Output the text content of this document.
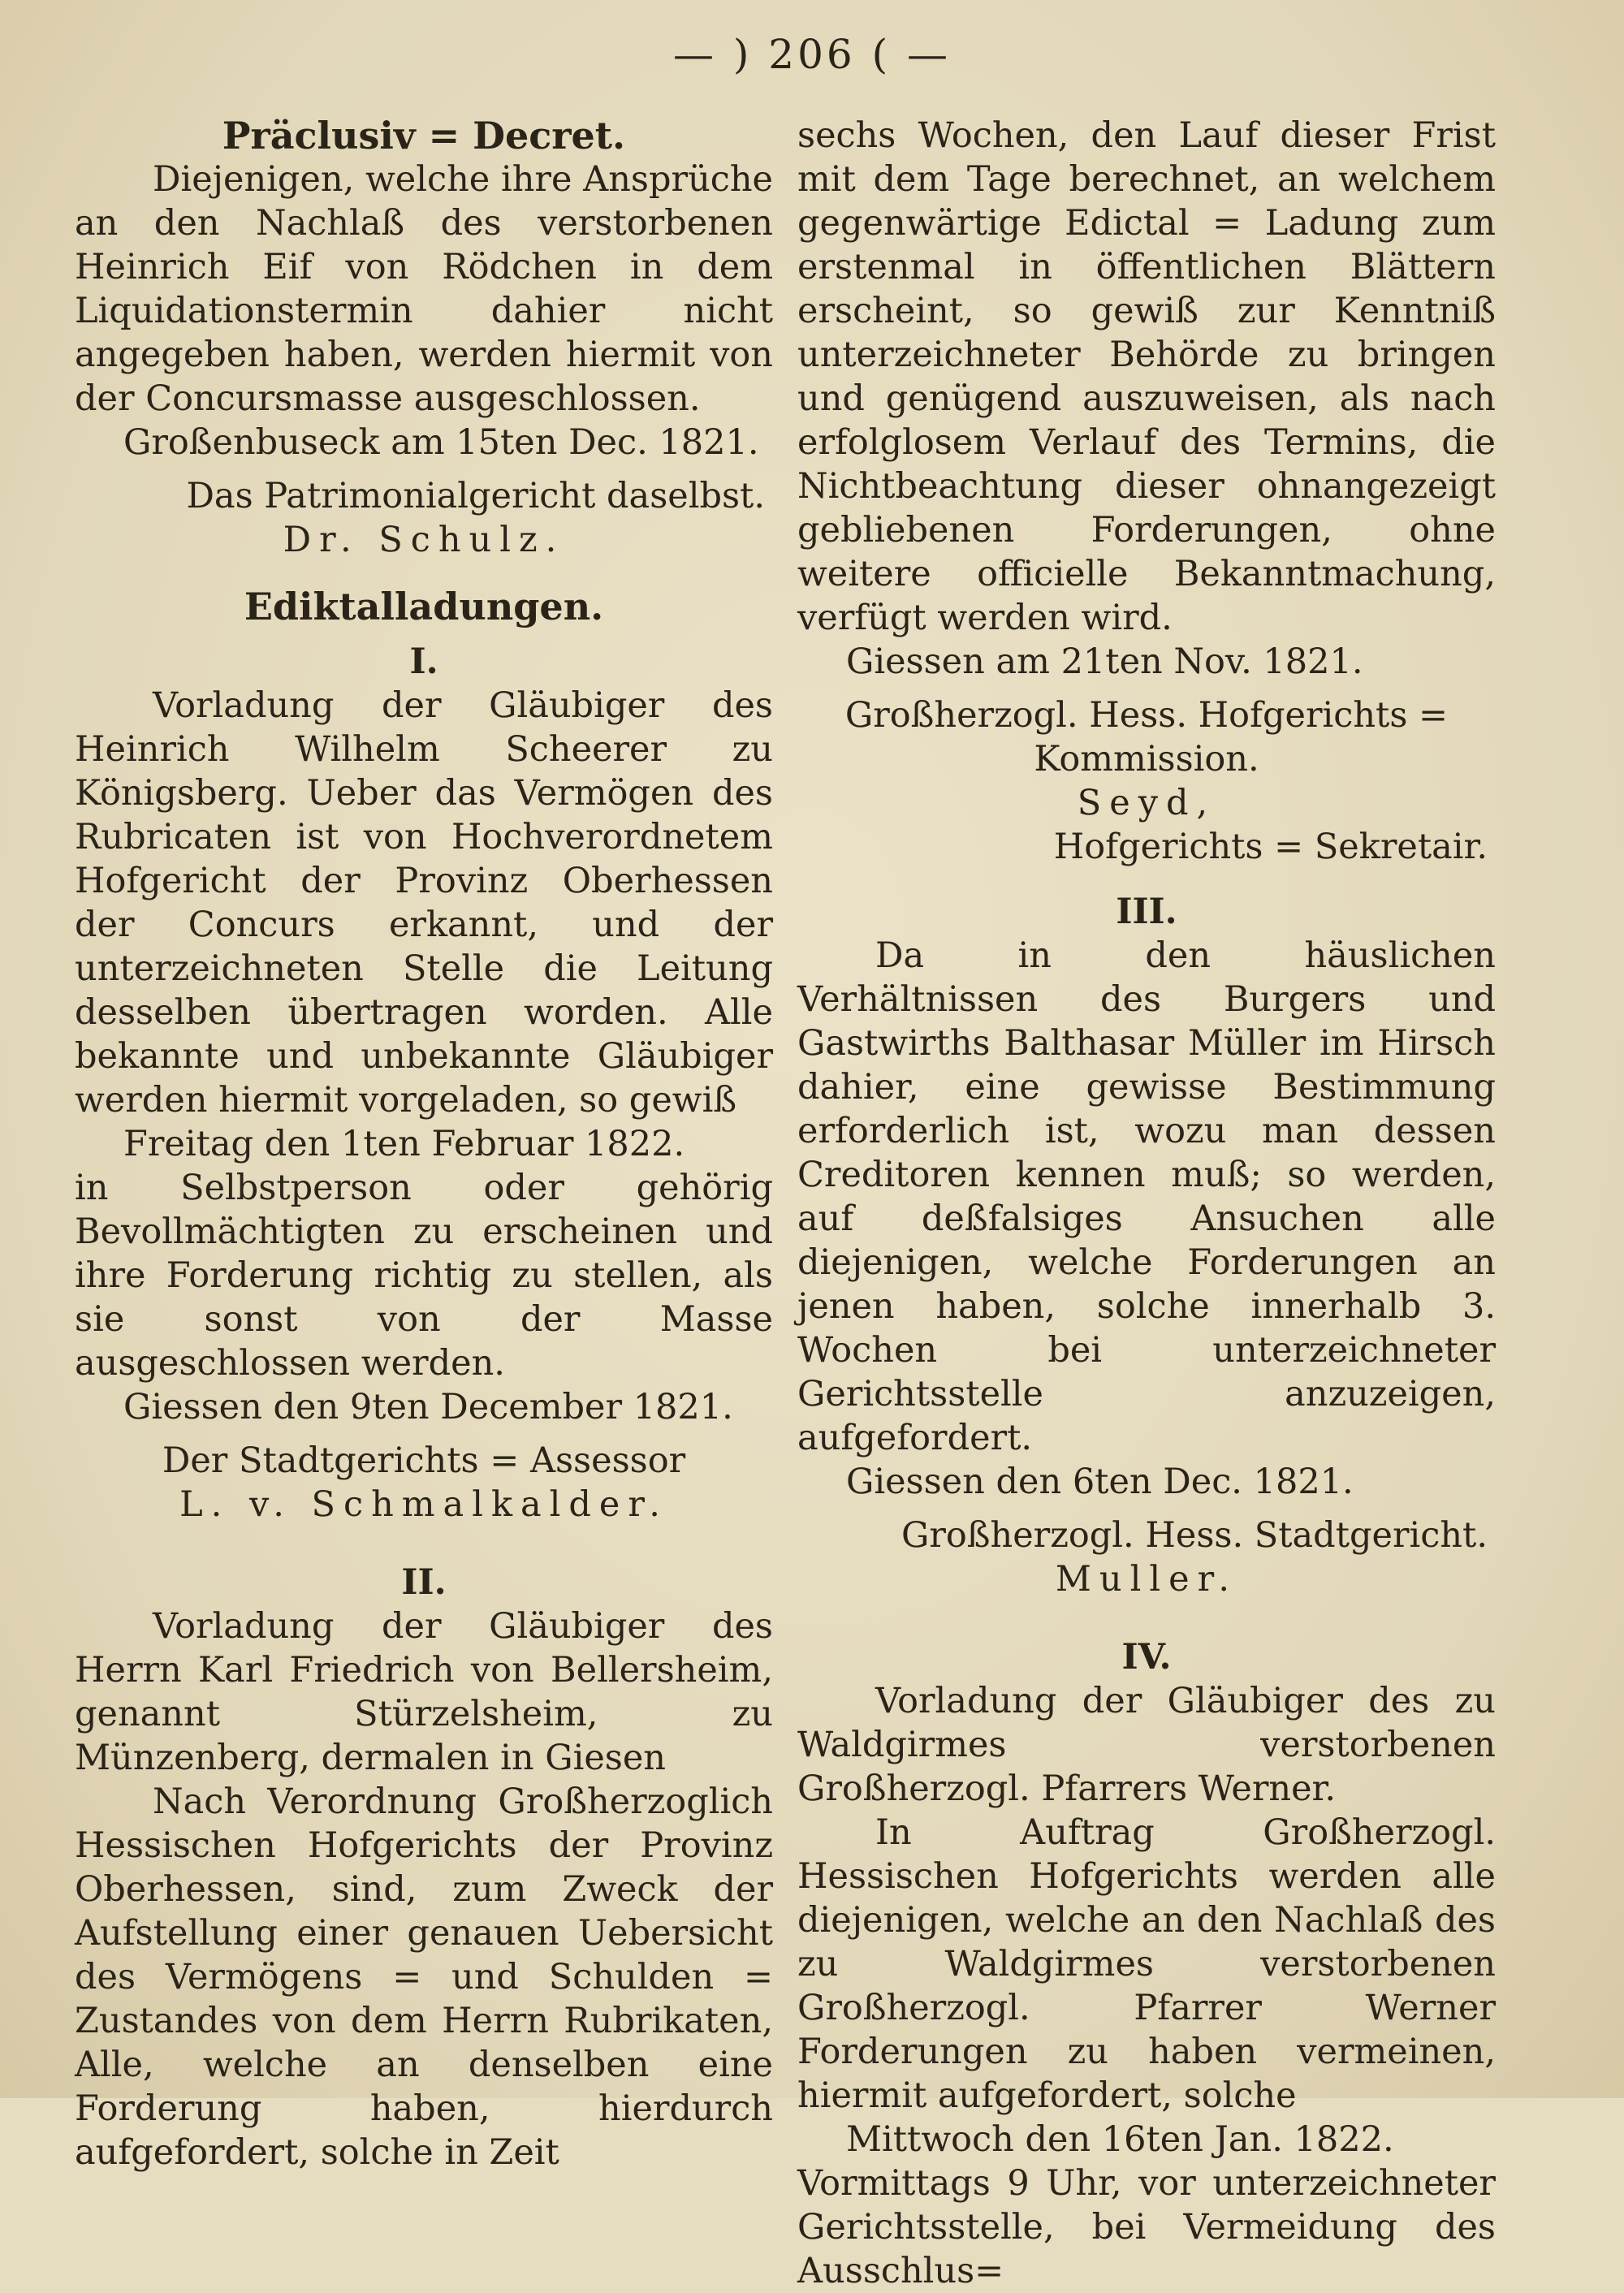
— ) 206 ( —

Präclusiv = Decret.

Diejenigen, welche ihre Ansprüche an den Nachlaß des verstorbenen Heinrich Eif von Rödchen in dem Liquidationstermin dahier nicht angegeben haben, werden hiermit von der Concursmasse ausgeschlossen.

Großenbuseck am 15ten Dec. 1821.

Das Patrimonialgericht daselbst.

Dr. Schulz.

Ediktalladungen.

I.

Vorladung der Gläubiger des Heinrich Wilhelm Scheerer zu Königsberg. Ueber das Vermögen des Rubricaten ist von Hochverordnetem Hofgericht der Provinz Oberhessen der Concurs erkannt, und der unterzeichneten Stelle die Leitung desselben übertragen worden. Alle bekannte und unbekannte Gläubiger werden hiermit vorgeladen, so gewiß

Freitag den 1ten Februar 1822.

in Selbstperson oder gehörig Bevollmächtigten zu erscheinen und ihre Forderung richtig zu stellen, als sie sonst von der Masse ausgeschlossen werden.

Giessen den 9ten December 1821.

Der Stadtgerichts = Assessor

L. v. Schmalkalder.

II.

Vorladung der Gläubiger des Herrn Karl Friedrich von Bellersheim, genannt Stürzelsheim, zu Münzenberg, dermalen in Giesen

Nach Verordnung Großherzoglich Hessischen Hofgerichts der Provinz Oberhessen, sind, zum Zweck der Aufstellung einer genauen Uebersicht des Vermögens = und Schulden = Zustandes von dem Herrn Rubrikaten, Alle, welche an denselben eine Forderung haben, hierdurch aufgefordert, solche in Zeit

sechs Wochen, den Lauf dieser Frist mit dem Tage berechnet, an welchem gegenwärtige Edictal = Ladung zum erstenmal in öffentlichen Blättern erscheint, so gewiß zur Kenntniß unterzeichneter Behörde zu bringen und genügend auszuweisen, als nach erfolglosem Verlauf des Termins, die Nichtbeachtung dieser ohnangezeigt gebliebenen Forderungen, ohne weitere officielle Bekanntmachung, verfügt werden wird.

Giessen am 21ten Nov. 1821.

Großherzogl. Hess. Hofgerichts = Kommission.

Seyd,

Hofgerichts = Sekretair.

III.

Da in den häuslichen Verhältnissen des Burgers und Gastwirths Balthasar Müller im Hirsch dahier, eine gewisse Bestimmung erforderlich ist, wozu man dessen Creditoren kennen muß; so werden, auf deßfalsiges Ansuchen alle diejenigen, welche Forderungen an jenen haben, solche innerhalb 3. Wochen bei unterzeichneter Gerichtsstelle anzuzeigen, aufgefordert.

Giessen den 6ten Dec. 1821.

Großherzogl. Hess. Stadtgericht.

Muller.

IV.

Vorladung der Gläubiger des zu Waldgirmes verstorbenen Großherzogl. Pfarrers Werner.

In Auftrag Großherzogl. Hessischen Hofgerichts werden alle diejenigen, welche an den Nachlaß des zu Waldgirmes verstorbenen Großherzogl. Pfarrer Werner Forderungen zu haben vermeinen, hiermit aufgefordert, solche

Mittwoch den 16ten Jan. 1822.

Vormittags 9 Uhr, vor unterzeichneter Gerichtsstelle, bei Vermeidung des Ausschlus=
